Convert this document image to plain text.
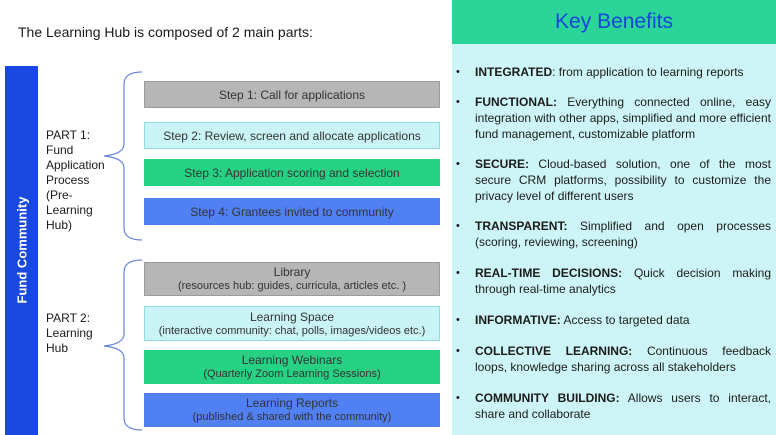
The Learning Hub is composed of 2 main parts:
Fund Community
PART 1: Fund Application Process (Pre-Learning Hub)
PART 2: Learning Hub
Step 1: Call for applications
Step 2: Review, screen and allocate applications
Step 3: Application scoring and selection
Step 4: Grantees invited to community
Library
(resources hub: guides, curricula, articles etc. )
Learning Space
(interactive community: chat, polls, images/videos etc.)
Learning Webinars
(Quarterly Zoom Learning Sessions)
Learning Reports
(published & shared with the community)
Key Benefits
• INTEGRATED: from application to learning reports
• FUNCTIONAL: Everything connected online, easy integration with other apps, simplified and more efficient fund management, customizable platform
• SECURE: Cloud-based solution, one of the most secure CRM platforms, possibility to customize the privacy level of different users
• TRANSPARENT: Simplified and open processes (scoring, reviewing, screening)
• REAL-TIME DECISIONS: Quick decision making through real-time analytics
• INFORMATIVE: Access to targeted data
• COLLECTIVE LEARNING: Continuous feedback loops, knowledge sharing across all stakeholders
• COMMUNITY BUILDING: Allows users to interact, share and collaborate
